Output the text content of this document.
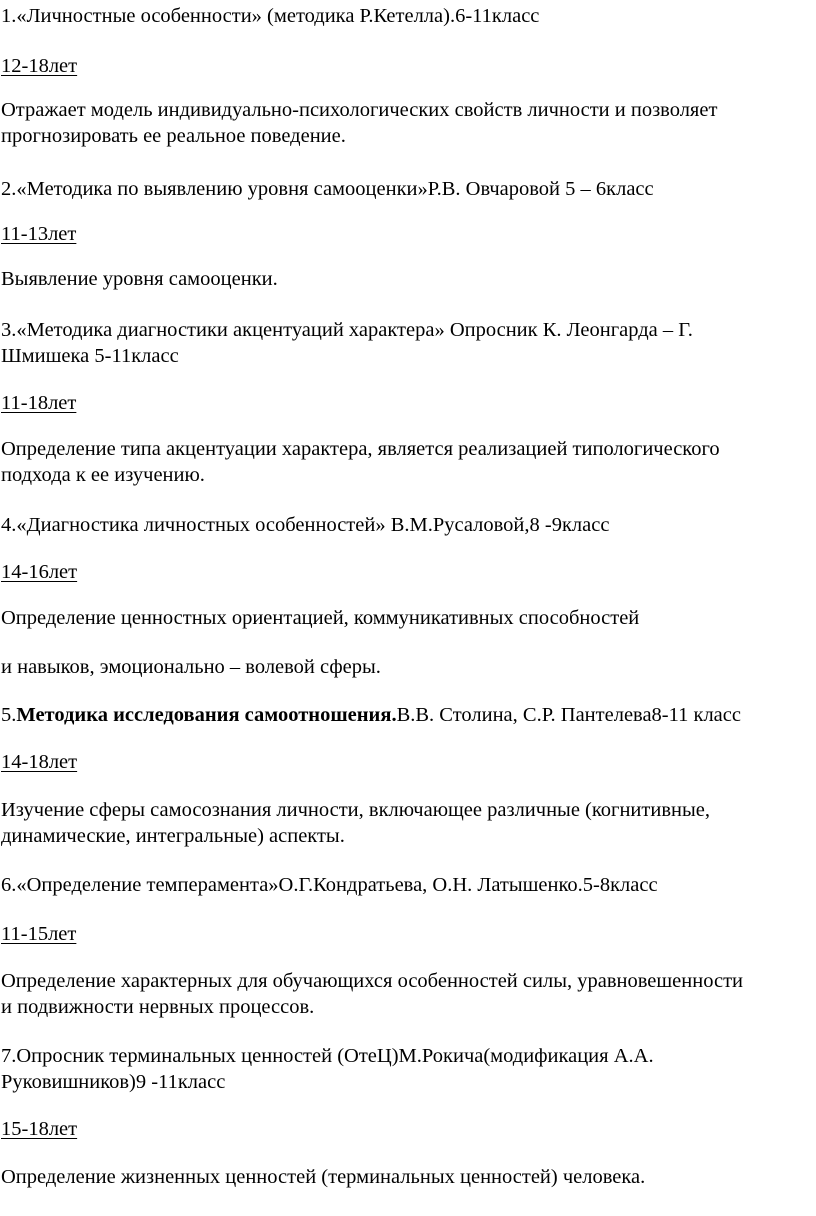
1.«Личностные особенности» (методика Р.Кетелла).6-11класс

12-18лет

Отражает модель индивидуально-психологических свойств личности и позволяет

прогнозировать ее реальное поведение.

2.«Методика по выявлению уровня самооценки»Р.В. Овчаровой 5 – 6класс

11-13лет

Выявление уровня самооценки.

3.«Методика диагностики акцентуаций характера» Опросник К. Леонгарда – Г.

Шмишека 5-11класс

11-18лет

Определение типа акцентуации характера, является реализацией типологического

подхода к ее изучению.

4.«Диагностика личностных особенностей» В.М.Русаловой,8 -9класс

14-16лет

Определение ценностных ориентацией, коммуникативных способностей

и навыков, эмоционально – волевой сферы.

5.Методика исследования самоотношения.В.В. Столина, С.Р. Пантелева8-11 класс

14-18лет

Изучение сферы самосознания личности, включающее различные (когнитивные,

динамические, интегральные) аспекты.

6.«Определение темперамента»О.Г.Кондратьева, О.Н. Латышенко.5-8класс

11-15лет

Определение характерных для обучающихся особенностей силы, уравновешенности

и подвижности нервных процессов.

7.Опросник терминальных ценностей (ОтеЦ)М.Рокича(модификация А.А.

Руковишников)9 -11класс

15-18лет

Определение жизненных ценностей (терминальных ценностей) человека.
